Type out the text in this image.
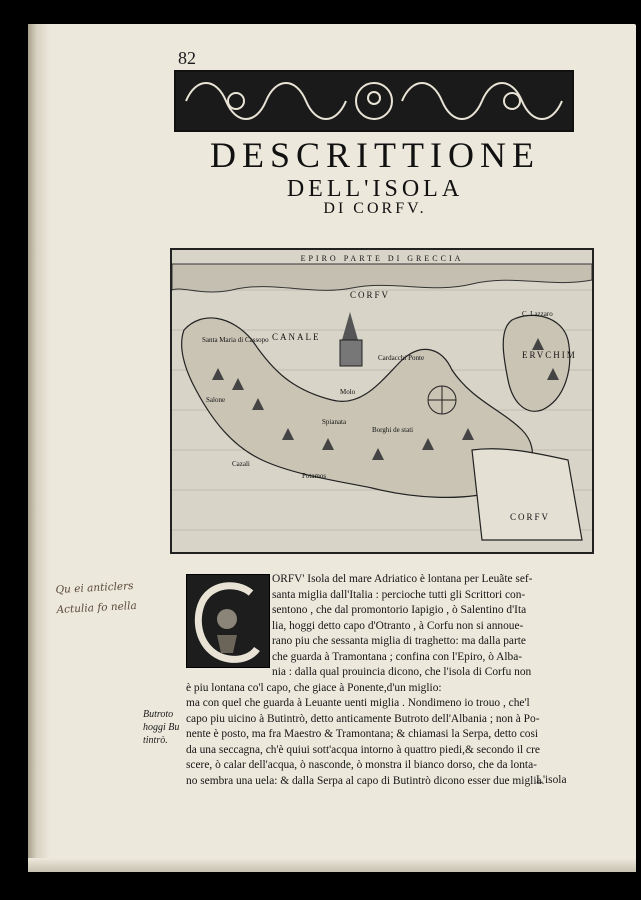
82
DESCRITTIONE
DELL'ISOLA
DI CORFV.
EPIRO PARTE DI GRECCIA
CORFV
CANALE
ERVCHIM
C. Lazzaro
Santa Maria di Cassopo
Cardacchi Ponte
Borghi de stati
Cazali
Potamos
Spianata
Molo
Salone
CORFV
Qu ei anticlers
Actulia fo nella
ORFV' Isola del mare Adriatico è lontana per Leuãte sef-
santa miglia dall'Italia : percioche tutti gli Scrittori con-
sentono , che dal promontorio Iapigio , ò Salentino d'Ita
lia, hoggi detto capo d'Otranto , à Corfu non si annoue-
rano piu che sessanta miglia di traghetto: ma dalla parte
che guarda à Tramontana ; confina con l'Epiro, ò Alba-
nia : dalla qual prouincia dicono, che l'isola di Corfu non
è piu lontana co'l capo, che giace à Ponente,d'un miglio:
ma con quel che guarda à Leuante uenti miglia . Nondimeno io trouo , che'l
capo piu uicino à Butintrò, detto anticamente Butroto dell'Albania ; non à Po-
nente è posto, ma fra Maestro & Tramontana; & chiamasi la Serpa, detto cosi
da una seccagna, ch'è quiui sott'acqua intorno à quattro piedi,& secondo il cre
scere, ò calar dell'acqua, ò nasconde, ò monstra il bianco dorso, che da lonta-
no sembra una uela: & dalla Serpa al capo di Butintrò dicono esser due miglia.
Butroto
hoggi Bu
tintrò.
L'isola
